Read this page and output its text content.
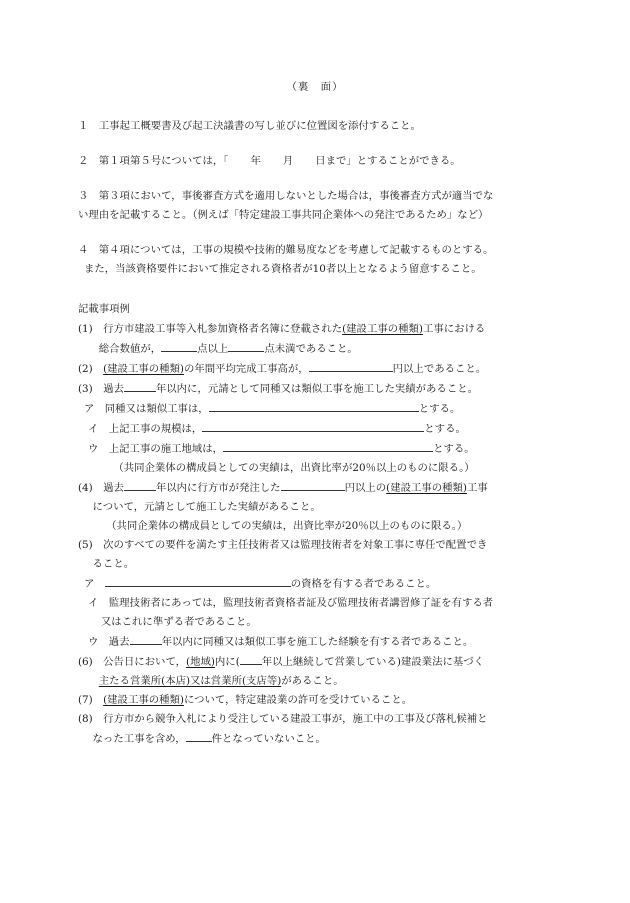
（裏　面）
１　 工事起工概要書及び起工決議書の写し並びに位置図を添付すること。
２　 第１項第５号については，「 年 月 日まで」とすることができる。
３　 第３項において，事後審査方式を適用しないとした場合は，事後審査方式が適当でな
い理由を記載すること。（例えば「特定建設工事共同企業体への発注であるため」など）
４　 第４項については，工事の規模や技術的難易度などを考慮して記載するものとする。
また，当該資格要件において推定される資格者が10者以上となるよう留意すること。
記載事項例
(1)　 行方市建設工事等入札参加資格者名簿に登載された(建設工事の種類)工事における
総合数値が，	点以上	点未満であること。
(2)　 (建設工事の種類)の年間平均完成工事高が，	円以上であること。
(3)　 過去	年以内に，元請として同種又は類似工事を施工した実績があること。
ア　 同種又は類似工事は，	とする。
イ　 上記工事の規模は，	とする。
ウ　 上記工事の施工地域は，	とする。
（共同企業体の構成員としての実績は，出資比率が20％以上のものに限る。）
(4)　 過去	年以内に行方市が発注した	円以上の(建設工事の種類)工事
について，元請として施工した実績があること。
（共同企業体の構成員としての実績は，出資比率が20％以上のものに限る。）
(5)　 次のすべての要件を満たす主任技術者又は監理技術者を対象工事に専任で配置でき
ること。
ア　	の資格を有する者であること。
イ　 監理技術者にあっては，監理技術者資格者証及び監理技術者講習修了証を有する者
又はこれに準ずる者であること。
ウ　 過去	年以内に同種又は類似工事を施工した経験を有する者であること。
(6)　 公告日において，(地域)内に( 年以上継続して営業している)建設業法に基づく
主たる営業所(本店)又は営業所(支店等)があること。
(7)　 (建設工事の種類)について，特定建設業の許可を受けていること。
(8)　 行方市から競争入札により受注している建設工事が，施工中の工事及び落札候補と
なった工事を含め，	件となっていないこと。
